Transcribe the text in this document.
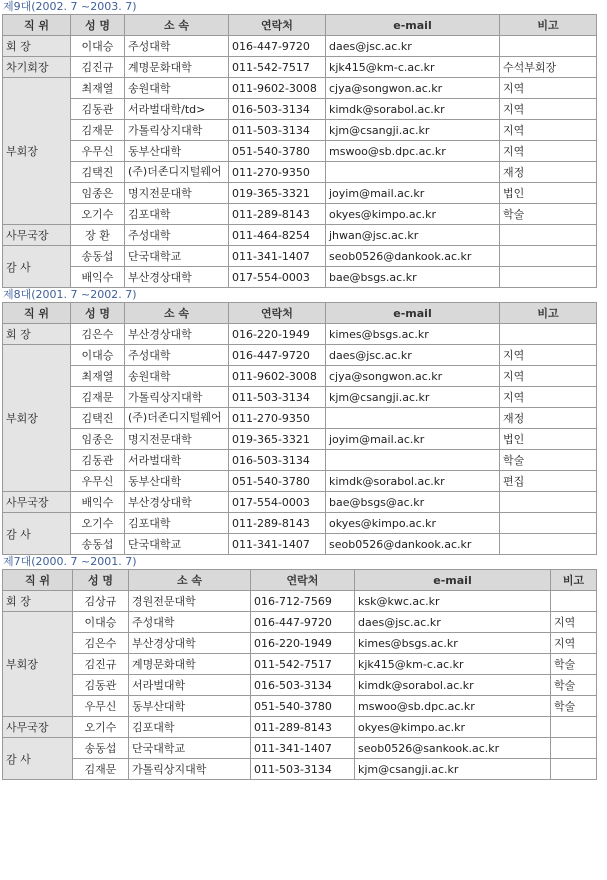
제9대(2002. 7 ~2003. 7)
직 위	성 명	소 속	연락처	e-mail	비고
회 장	이대승	주성대학	016-447-9720	daes@jsc.ac.kr	
차기회장	김진규	계명문화대학	011-542-7517	kjk415@km-c.ac.kr	수석부회장
부회장	최재열	송원대학	011-9602-3008	cjya@songwon.ac.kr	지역
	김동관	서라벌대학/td>	016-503-3134	kimdk@sorabol.ac.kr	지역
	김재문	가톨릭상지대학	011-503-3134	kjm@csangji.ac.kr	지역
	우무신	동부산대학	051-540-3780	mswoo@sb.dpc.ac.kr	지역
	김택진	(주)더존디지털웨어	011-270-9350		재정
	임종은	명지전문대학	019-365-3321	joyim@mail.ac.kr	법인
	오기수	김포대학	011-289-8143	okyes@kimpo.ac.kr	학술
사무국장	장 환	주성대학	011-464-8254	jhwan@jsc.ac.kr	
감 사	송동섭	단국대학교	011-341-1407	seob0526@dankook.ac.kr	
	배익수	부산경상대학	017-554-0003	bae@bsgs.ac.kr	
제8대(2001. 7 ~2002. 7)
직 위	성 명	소 속	연락처	e-mail	비고
회 장	김은수	부산경상대학	016-220-1949	kimes@bsgs.ac.kr	
부회장	이대승	주성대학	016-447-9720	daes@jsc.ac.kr	지역
	최재열	송원대학	011-9602-3008	cjya@songwon.ac.kr	지역
	김재문	가톨릭상지대학	011-503-3134	kjm@csangji.ac.kr	지역
	김택진	(주)더존디지털웨어	011-270-9350		재정
	임종은	명지전문대학	019-365-3321	joyim@mail.ac.kr	법인
	김동관	서라벌대학	016-503-3134		학술
	우무신	동부산대학	051-540-3780	kimdk@sorabol.ac.kr	편집
사무국장	배익수	부산경상대학	017-554-0003	bae@bsgs@ac.kr	
감 사	오기수	김포대학	011-289-8143	okyes@kimpo.ac.kr	
	송동섭	단국대학교	011-341-1407	seob0526@dankook.ac.kr	
제7대(2000. 7 ~2001. 7)
직 위	성 명	소 속	연락처	e-mail	비고
회 장	김상규	경원전문대학	016-712-7569	ksk@kwc.ac.kr	
부회장	이대승	주성대학	016-447-9720	daes@jsc.ac.kr	지역
	김은수	부산경상대학	016-220-1949	kimes@bsgs.ac.kr	지역
	김진규	계명문화대학	011-542-7517	kjk415@km-c.ac.kr	학술
	김동관	서라벌대학	016-503-3134	kimdk@sorabol.ac.kr	학술
	우무신	동부산대학	051-540-3780	mswoo@sb.dpc.ac.kr	학술
사무국장	오기수	김포대학	011-289-8143	okyes@kimpo.ac.kr	
감 사	송동섭	단국대학교	011-341-1407	seob0526@sankook.ac.kr	
	김재문	가톨릭상지대학	011-503-3134	kjm@csangji.ac.kr	
